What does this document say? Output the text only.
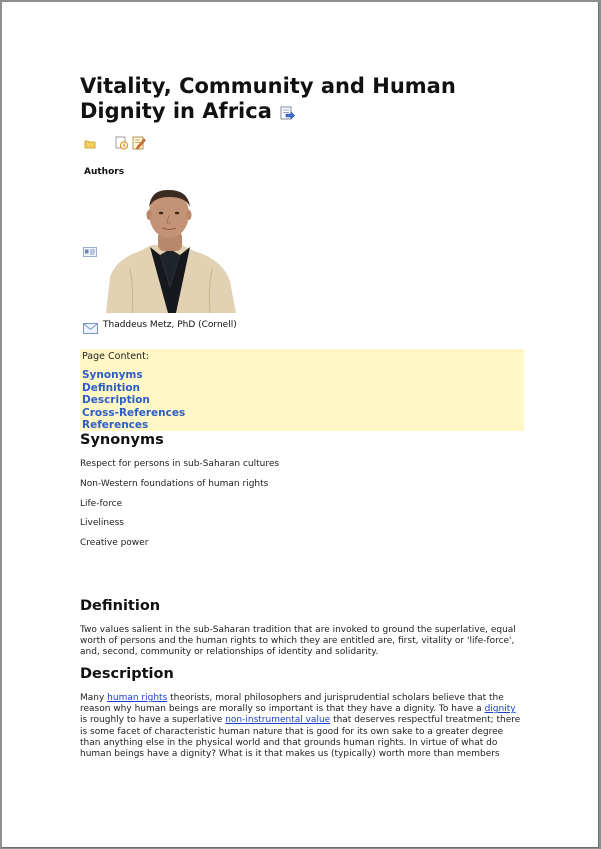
Vitality, Community and Human Dignity in Africa
Authors
Thaddeus Metz, PhD (Cornell)
Page Content:
Synonyms
Definition
Description
Cross-References
References
Synonyms
Respect for persons in sub-Saharan cultures
Non-Western foundations of human rights
Life-force
Liveliness
Creative power
Definition
Two values salient in the sub-Saharan tradition that are invoked to ground the superlative, equal worth of persons and the human rights to which they are entitled are, first, vitality or 'life-force', and, second, community or relationships of identity and solidarity.
Description
Many human rights theorists, moral philosophers and jurisprudential scholars believe that the reason why human beings are morally so important is that they have a dignity. To have a dignity is roughly to have a superlative non-instrumental value that deserves respectful treatment; there is some facet of characteristic human nature that is good for its own sake to a greater degree than anything else in the physical world and that grounds human rights. In virtue of what do human beings have a dignity? What is it that makes us (typically) worth more than members
